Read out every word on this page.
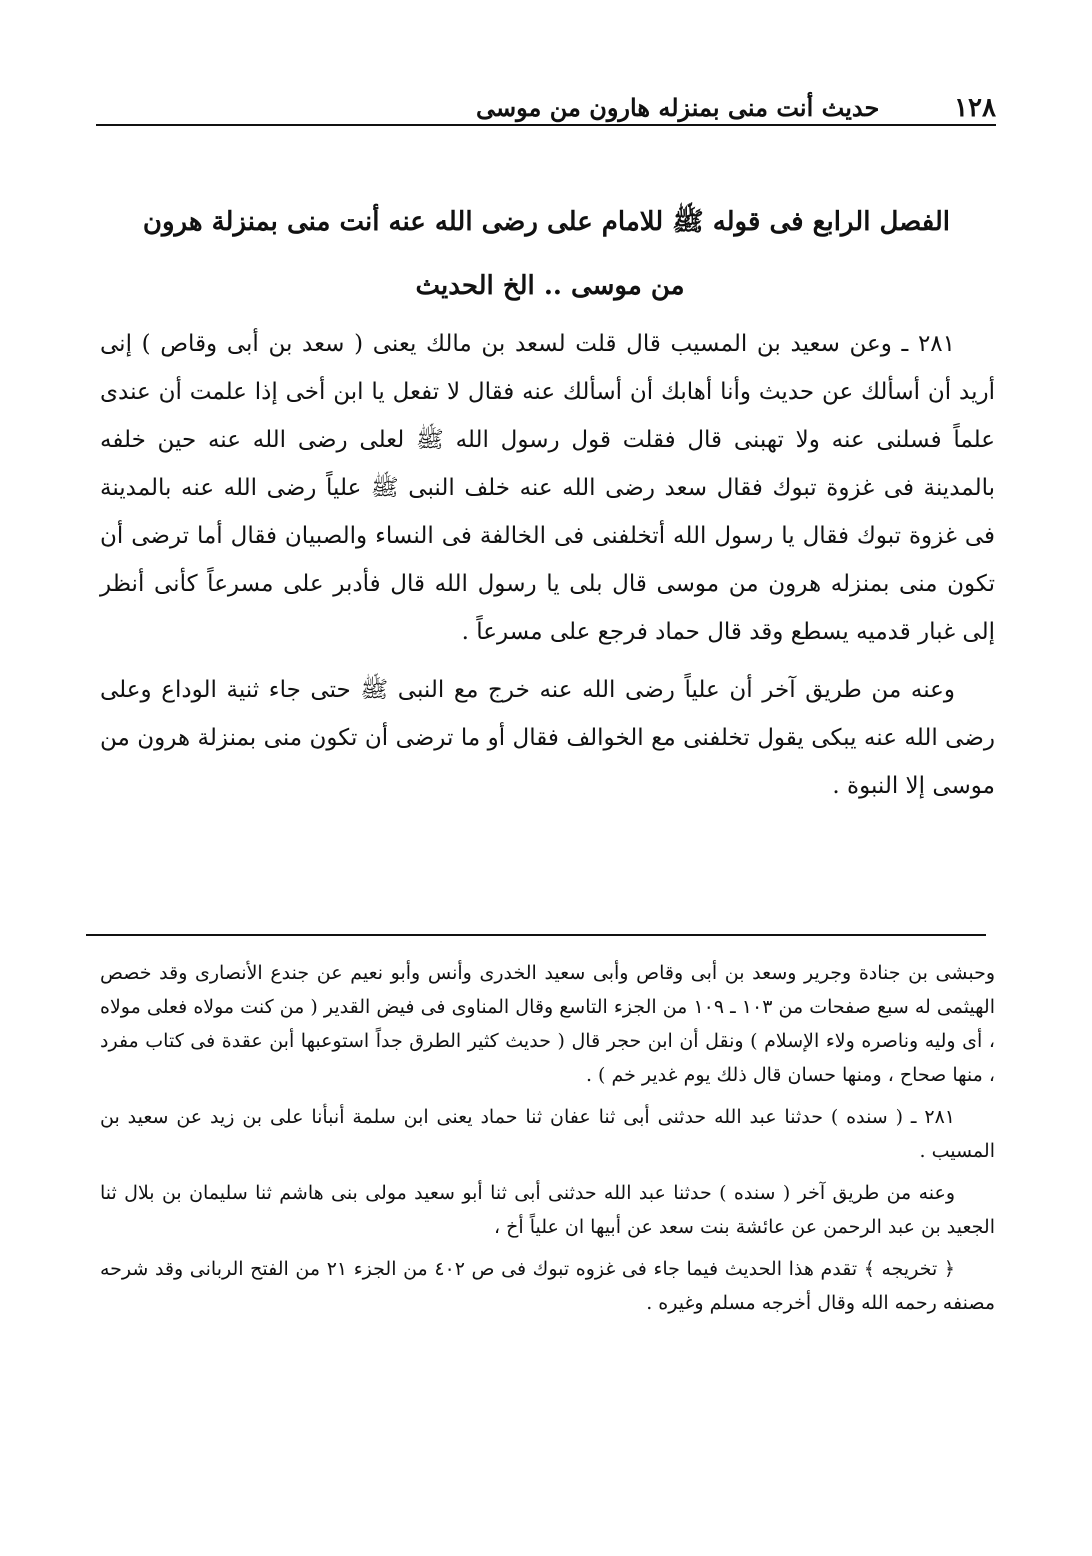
١٢٨
حديث أنت منى بمنزله هارون من موسى
الفصل الرابع فى قوله ﷺ للامام على رضى الله عنه أنت منى بمنزلة هرون
من موسى .. الخ الحديث

٢٨١ ـ وعن سعيد بن المسيب قال قلت لسعد بن مالك يعنى ( سعد بن أبى وقاص ) إنى أريد أن أسألك عن حديث وأنا أهابك أن أسألك عنه فقال لا تفعل يا ابن أخى إذا علمت أن عندى علماً فسلنى عنه ولا تهبنى قال فقلت قول رسول الله ﷺ لعلى رضى الله عنه حين خلفه بالمدينة فى غزوة تبوك فقال سعد رضى الله عنه خلف النبى ﷺ علياً رضى الله عنه بالمدينة فى غزوة تبوك فقال يا رسول الله أتخلفنى فى الخالفة فى النساء والصبيان فقال أما ترضى أن تكون منى بمنزله هرون من موسى قال بلى يا رسول الله قال فأدبر على مسرعاً كأنى أنظر إلى غبار قدميه يسطع وقد قال حماد فرجع على مسرعاً .

وعنه من طريق آخر أن علياً رضى الله عنه خرج مع النبى ﷺ حتى جاء ثنية الوداع وعلى رضى الله عنه يبكى يقول تخلفنى مع الخوالف فقال أو ما ترضى أن تكون منى بمنزلة هرون من موسى إلا النبوة .

وحبشى بن جنادة وجرير وسعد بن أبى وقاص وأبى سعيد الخدرى وأنس وأبو نعيم عن جندع الأنصارى وقد خصص الهيثمى له سبع صفحات من ١٠٣ ـ ١٠٩ من الجزء التاسع وقال المناوى فى فيض القدير ( من كنت مولاه فعلى مولاه ، أى وليه وناصره ولاء الإسلام ) ونقل أن ابن حجر قال ( حديث كثير الطرق جداً استوعبها أبن عقدة فى كتاب مفرد ، منها صحاح ، ومنها حسان قال ذلك يوم غدير خم ) .

٢٨١ ـ ( سنده ) حدثنا عبد الله حدثنى أبى ثنا عفان ثنا حماد يعنى ابن سلمة أنبأنا على بن زيد عن سعيد بن المسيب .

وعنه من طريق آخر ( سنده ) حدثنا عبد الله حدثنى أبى ثنا أبو سعيد مولى بنى هاشم ثنا سليمان بن بلال ثنا الجعيد بن عبد الرحمن عن عائشة بنت سعد عن أبيها ان علياً أخ ،

﴿ تخريجه ﴾ تقدم هذا الحديث فيما جاء فى غزوه تبوك فى ص ٤٠٢ من الجزء ٢١ من الفتح الربانى وقد شرحه مصنفه رحمه الله وقال أخرجه مسلم وغيره .
